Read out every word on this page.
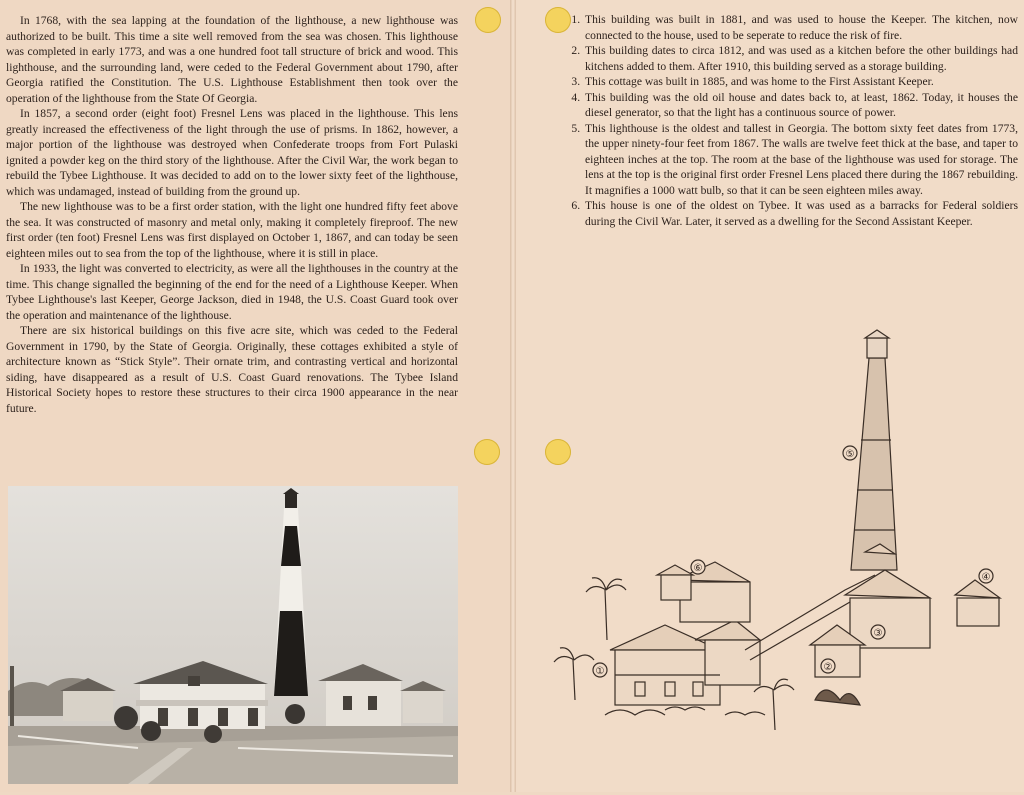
In 1768, with the sea lapping at the foundation of the lighthouse, a new lighthouse was authorized to be built. This time a site well removed from the sea was chosen. This lighthouse was completed in early 1773, and was a one hundred foot tall structure of brick and wood. This lighthouse, and the surrounding land, were ceded to the Federal Government about 1790, after Georgia ratified the Constitution. The U.S. Lighthouse Establishment then took over the operation of the lighthouse from the State Of Georgia.

In 1857, a second order (eight foot) Fresnel Lens was placed in the lighthouse. This lens greatly increased the effectiveness of the light through the use of prisms. In 1862, however, a major portion of the lighthouse was destroyed when Confederate troops from Fort Pulaski ignited a powder keg on the third story of the lighthouse. After the Civil War, the work began to rebuild the Tybee Lighthouse. It was decided to add on to the lower sixty feet of the lighthouse, which was undamaged, instead of building from the ground up.

The new lighthouse was to be a first order station, with the light one hundred fifty feet above the sea. It was constructed of masonry and metal only, making it completely fireproof. The new first order (ten foot) Fresnel Lens was first displayed on October 1, 1867, and can today be seen eighteen miles out to sea from the top of the lighthouse, where it is still in place.

In 1933, the light was converted to electricity, as were all the lighthouses in the country at the time. This change signalled the beginning of the end for the need of a Lighthouse Keeper. When Tybee Lighthouse's last Keeper, George Jackson, died in 1948, the U.S. Coast Guard took over the operation and maintenance of the lighthouse.

There are six historical buildings on this five acre site, which was ceded to the Federal Government in 1790, by the State of Georgia. Originally, these cottages exhibited a style of architecture known as “Stick Style”. Their ornate trim, and contrasting vertical and horizontal siding, have disappeared as a result of U.S. Coast Guard renovations. The Tybee Island Historical Society hopes to restore these structures to their circa 1900 appearance in the near future.

1. This building was built in 1881, and was used to house the Keeper. The kitchen, now connected to the house, used to be seperate to reduce the risk of fire.
2. This building dates to circa 1812, and was used as a kitchen before the other buildings had kitchens added to them. After 1910, this building served as a storage building.
3. This cottage was built in 1885, and was home to the First Assistant Keeper.
4. This building was the old oil house and dates back to, at least, 1862. Today, it houses the diesel generator, so that the light has a continuous source of power.
5. This lighthouse is the oldest and tallest in Georgia. The bottom sixty feet dates from 1773, the upper ninety-four feet from 1867. The walls are twelve feet thick at the base, and taper to eighteen inches at the top. The room at the base of the lighthouse was used for storage. The lens at the top is the original first order Fresnel Lens placed there during the 1867 rebuilding. It magnifies a 1000 watt bulb, so that it can be seen eighteen miles away.
6. This house is one of the oldest on Tybee. It was used as a barracks for Federal soldiers during the Civil War. Later, it served as a dwelling for the Second Assistant Keeper.
⑤
①
⑥
③
②
④
